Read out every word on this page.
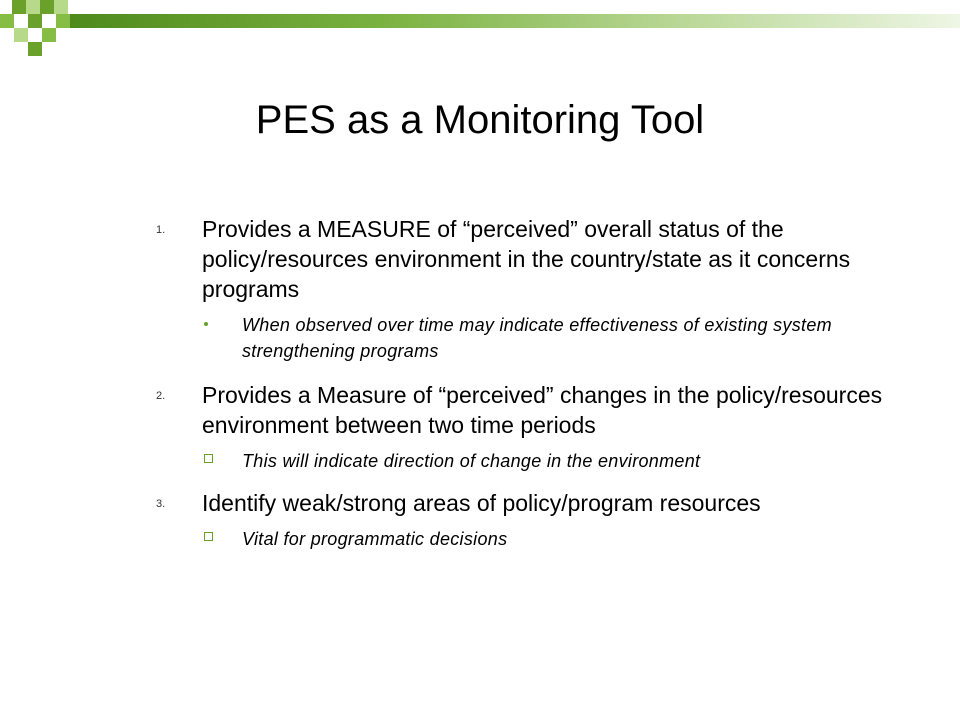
PES as a Monitoring Tool
1. Provides a MEASURE of “perceived” overall status of the policy/resources environment in the country/state as it concerns programs
When observed over time may indicate effectiveness of existing system strengthening programs
2. Provides a Measure of “perceived” changes in the policy/resources environment between two time periods
This will indicate direction of change in the environment
3. Identify weak/strong areas of policy/program resources
Vital for programmatic decisions
